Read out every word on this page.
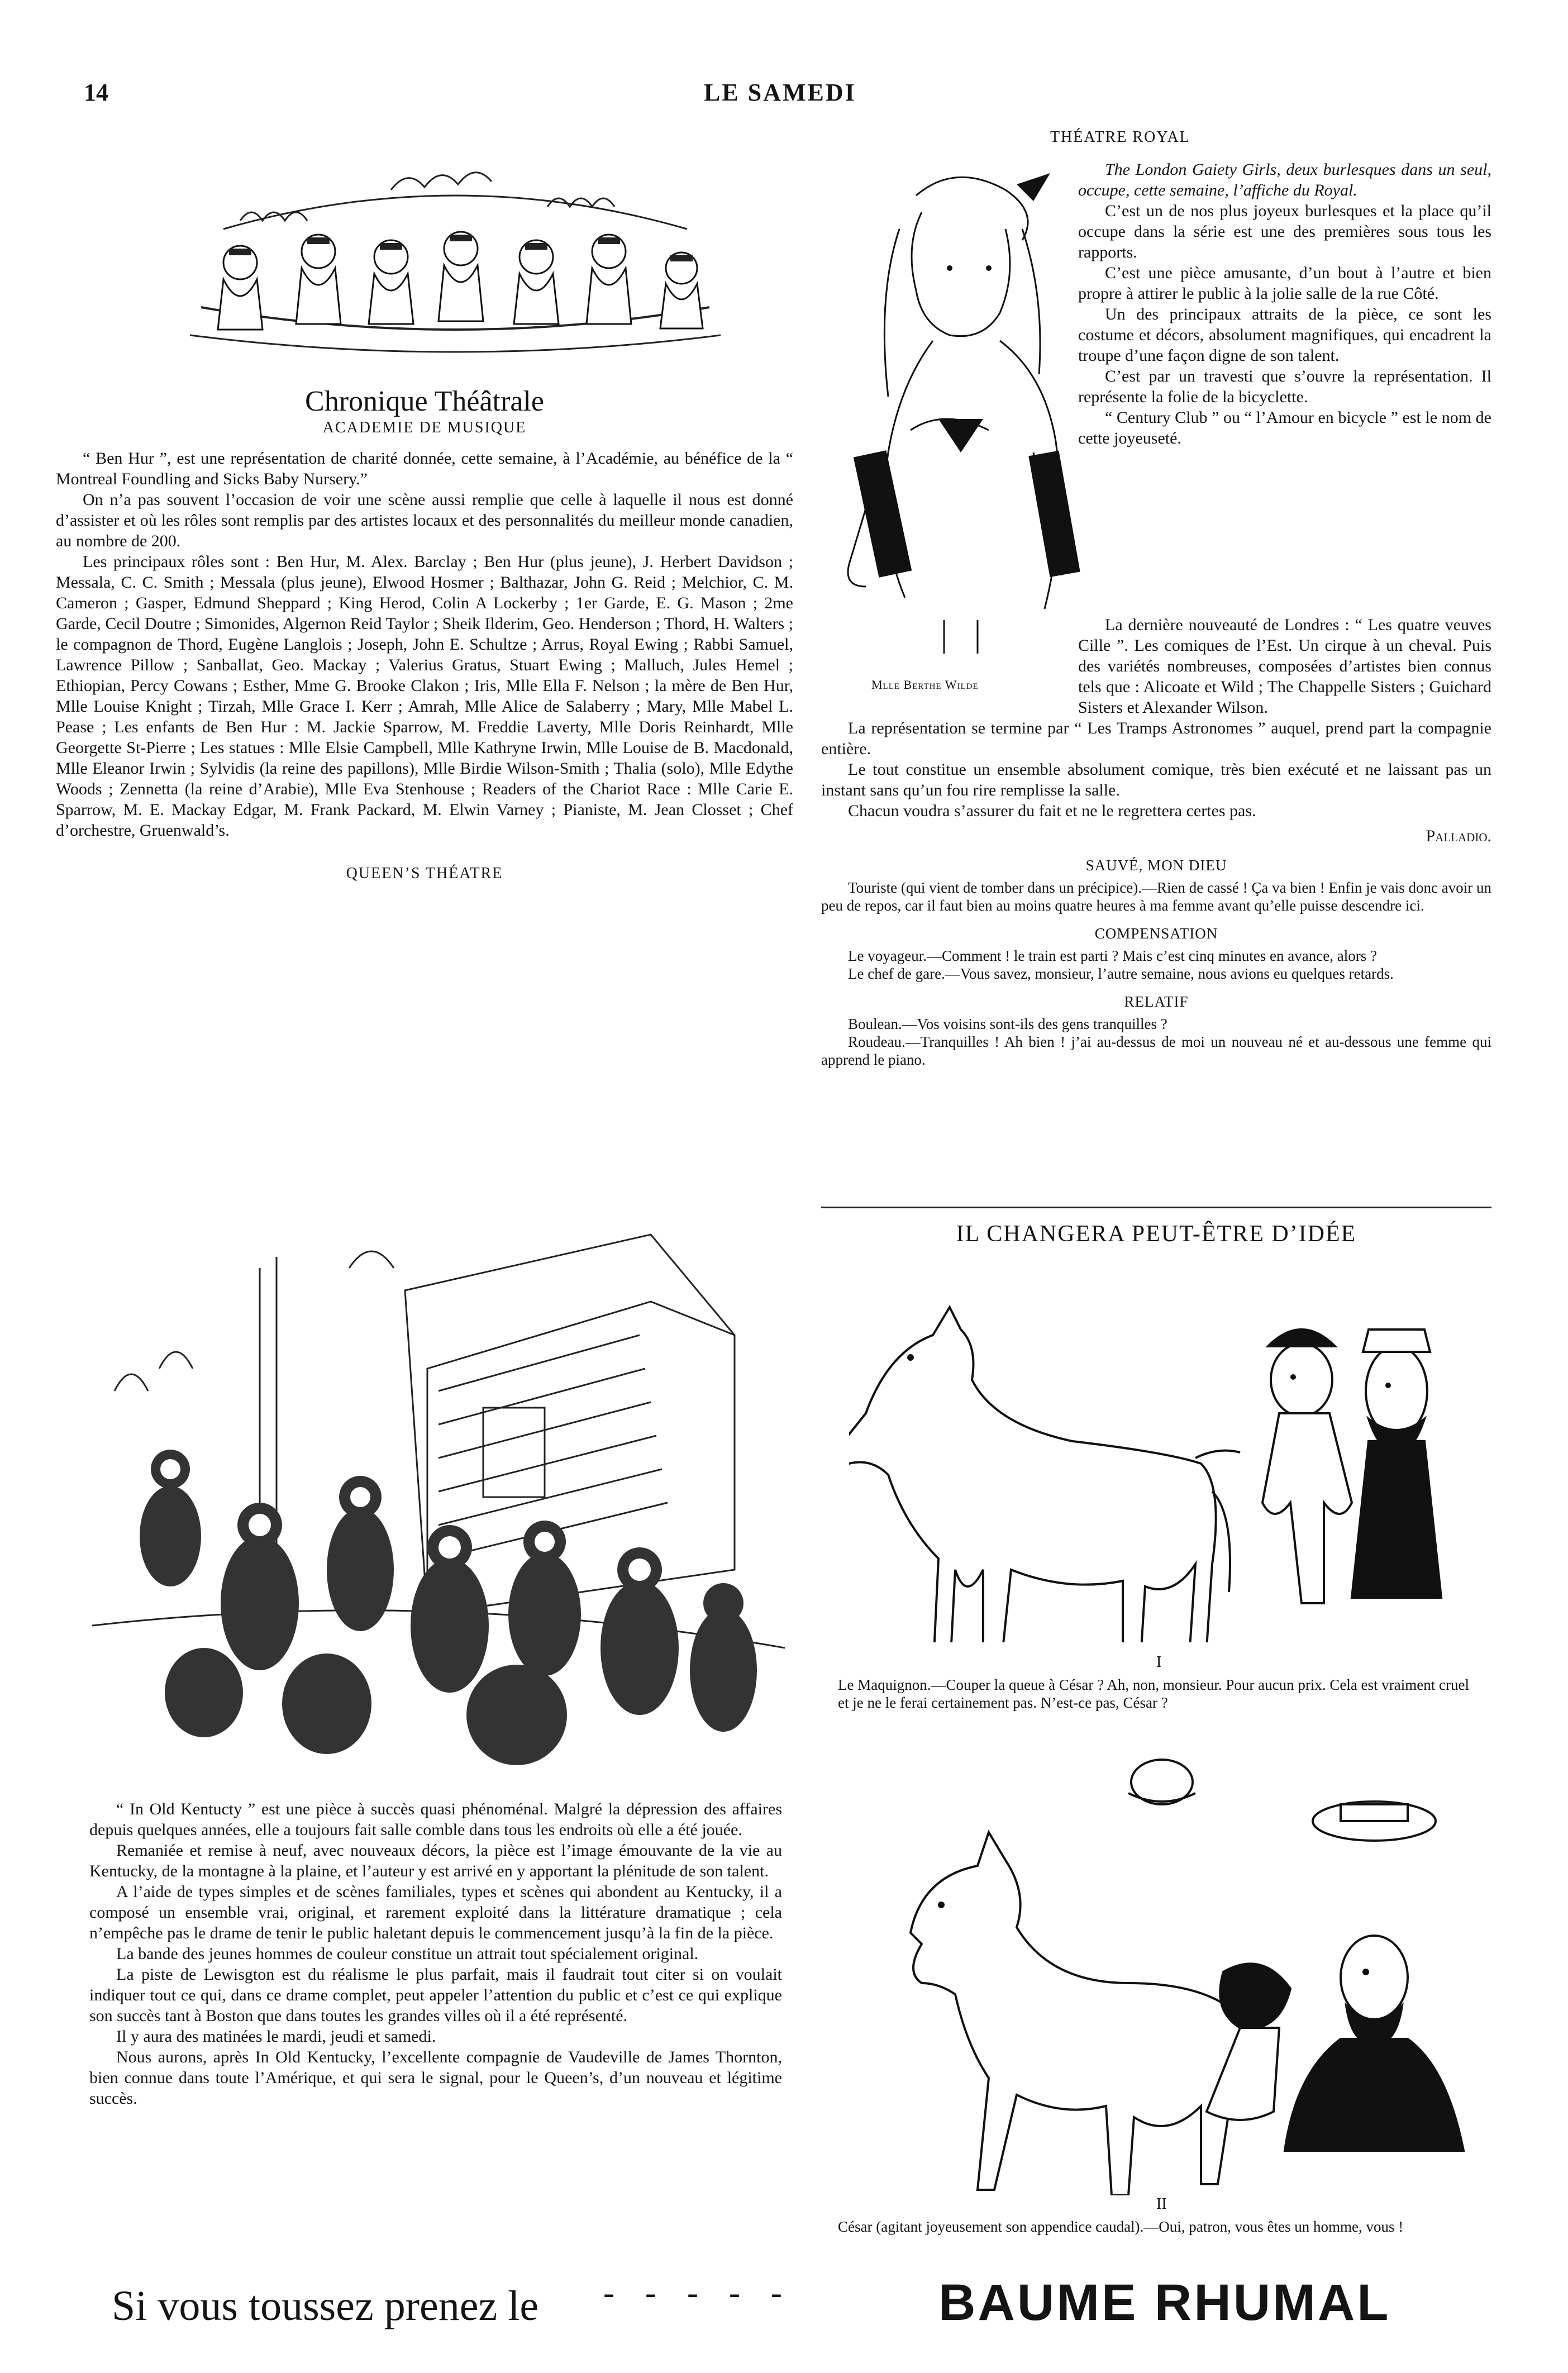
14	LE SAMEDI
Chronique Théâtrale
ACADEMIE DE MUSIQUE

“ Ben Hur ”, est une représentation de charité donnée, cette semaine, à l’Académie, au bénéfice de la “ Montreal Foundling and Sicks Baby Nursery.”

On n’a pas souvent l’occasion de voir une scène aussi remplie que celle à laquelle il nous est donné d’assister et où les rôles sont remplis par des artistes locaux et des personnalités du meilleur monde canadien, au nombre de 200.

Les principaux rôles sont : Ben Hur, M. Alex. Barclay ; Ben Hur (plus jeune), J. Herbert Davidson ; Messala, C. C. Smith ; Messala (plus jeune), Elwood Hosmer ; Balthazar, John G. Reid ; Melchior, C. M. Cameron ; Gasper, Edmund Sheppard ; King Herod, Colin A Lockerby ; 1er Garde, E. G. Mason ; 2me Garde, Cecil Doutre ; Simonides, Algernon Reid Taylor ; Sheik Ilderim, Geo. Henderson ; Thord, H. Walters ; le compagnon de Thord, Eugène Langlois ; Joseph, John E. Schultze ; Arrus, Royal Ewing ; Rabbi Samuel, Lawrence Pillow ; Sanballat, Geo. Mackay ; Valerius Gratus, Stuart Ewing ; Malluch, Jules Hemel ; Ethiopian, Percy Cowans ; Esther, Mme G. Brooke Clakon ; Iris, Mlle Ella F. Nelson ; la mère de Ben Hur, Mlle Louise Knight ; Tirzah, Mlle Grace I. Kerr ; Amrah, Mlle Alice de Salaberry ; Mary, Mlle Mabel L. Pease ; Les enfants de Ben Hur : M. Jackie Sparrow, M. Freddie Laverty, Mlle Doris Reinhardt, Mlle Georgette St-Pierre ; Les statues : Mlle Elsie Campbell, Mlle Kathryne Irwin, Mlle Louise de B. Macdonald, Mlle Eleanor Irwin ; Sylvidis (la reine des papillons), Mlle Birdie Wilson-Smith ; Thalia (solo), Mlle Edythe Woods ; Zennetta (la reine d’Arabie), Mlle Eva Stenhouse ; Readers of the Chariot Race : Mlle Carie E. Sparrow, M. E. Mackay Edgar, M. Frank Packard, M. Elwin Varney ; Pianiste, M. Jean Closset ; Chef d’orchestre, Gruenwald’s.

QUEEN’S THÉATRE

“ In Old Kentucty ” est une pièce à succès quasi phénoménal. Malgré la dépression des affaires depuis quelques années, elle a toujours fait salle comble dans tous les endroits où elle a été jouée.

Remaniée et remise à neuf, avec nouveaux décors, la pièce est l’image émouvante de la vie au Kentucky, de la montagne à la plaine, et l’auteur y est arrivé en y apportant la plénitude de son talent.

A l’aide de types simples et de scènes familiales, types et scènes qui abondent au Kentucky, il a composé un ensemble vrai, original, et rarement exploité dans la littérature dramatique ; cela n’empêche pas le drame de tenir le public haletant depuis le commencement jusqu’à la fin de la pièce.

La bande des jeunes hommes de couleur constitue un attrait tout spécialement original.

La piste de Lewisgton est du réalisme le plus parfait, mais il faudrait tout citer si on voulait indiquer tout ce qui, dans ce drame complet, peut appeler l’attention du public et c’est ce qui explique son succès tant à Boston que dans toutes les grandes villes où il a été représenté.

Il y aura des matinées le mardi, jeudi et samedi.

Nous aurons, après In Old Kentucky, l’excellente compagnie de Vaudeville de James Thornton, bien connue dans toute l’Amérique, et qui sera le signal, pour le Queen’s, d’un nouveau et légitime succès.

THÉATRE ROYAL
Mlle Berthe Wilde

The London Gaiety Girls, deux burlesques dans un seul, occupe, cette semaine, l’affiche du Royal.

C’est un de nos plus joyeux burlesques et la place qu’il occupe dans la série est une des premières sous tous les rapports.

C’est une pièce amusante, d’un bout à l’autre et bien propre à attirer le public à la jolie salle de la rue Côté.

Un des principaux attraits de la pièce, ce sont les costume et décors, absolument magnifiques, qui encadrent la troupe d’une façon digne de son talent.

C’est par un travesti que s’ouvre la représentation. Il représente la folie de la bicyclette.

“ Century Club ” ou “ l’Amour en bicycle ” est le nom de cette joyeuseté.

La dernière nouveauté de Londres : “ Les quatre veuves Cille ”. Les comiques de l’Est. Un cirque à un cheval. Puis des variétés nombreuses, composées d’artistes bien connus tels que : Alicoate et Wild ; The Chappelle Sisters ; Guichard Sisters et Alexander Wilson.

La représentation se termine par “ Les Tramps Astronomes ” auquel, prend part la compagnie entière.

Le tout constitue un ensemble absolument comique, très bien exécuté et ne laissant pas un instant sans qu’un fou rire remplisse la salle.

Chacun voudra s’assurer du fait et ne le regrettera certes pas.

Palladio.
SAUVÉ, MON DIEU

Touriste (qui vient de tomber dans un précipice).—Rien de cassé ! Ça va bien ! Enfin je vais donc avoir un peu de repos, car il faut bien au moins quatre heures à ma femme avant qu’elle puisse descendre ici.

COMPENSATION

Le voyageur.—Comment ! le train est parti ? Mais c’est cinq minutes en avance, alors ?

Le chef de gare.—Vous savez, monsieur, l’autre semaine, nous avions eu quelques retards.

RELATIF

Boulean.—Vos voisins sont-ils des gens tranquilles ?

Roudeau.—Tranquilles ! Ah bien ! j’ai au-dessus de moi un nouveau né et au-dessous une femme qui apprend le piano.

IL CHANGERA PEUT-ÊTRE D’IDÉE
I
Le Maquignon.—Couper la queue à César ? Ah, non, monsieur. Pour aucun prix. Cela est vraiment cruel et je ne le ferai certainement pas. N’est-ce pas, César ?
II
César (agitant joyeusement son appendice caudal).—Oui, patron, vous êtes un homme, vous !
Si vous toussez prenez le - - - - -	BAUME RHUMAL
